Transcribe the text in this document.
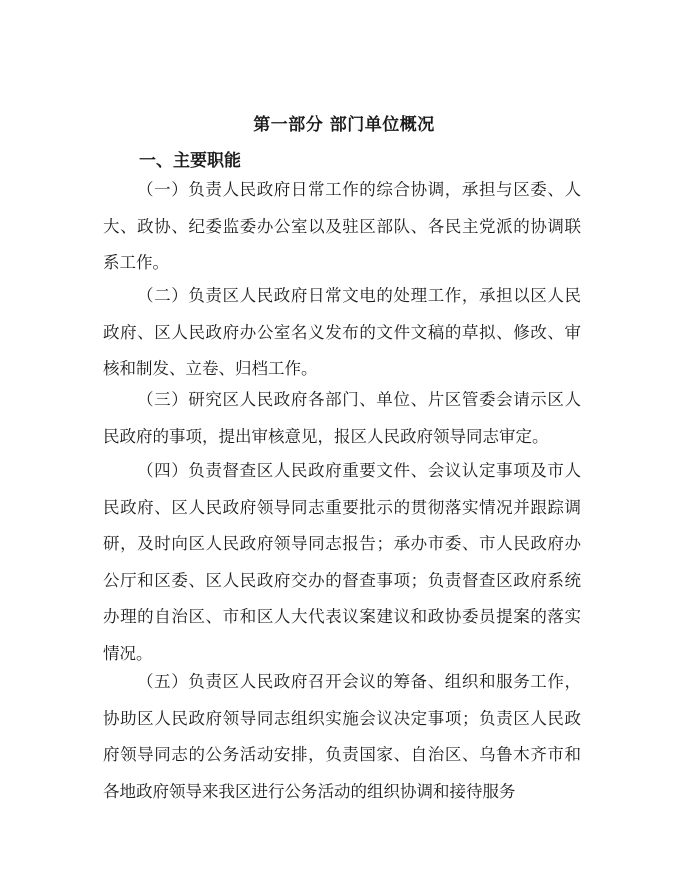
第一部分 部门单位概况
一、主要职能

（一）负责人民政府日常工作的综合协调，承担与区委、人大、政协、纪委监委办公室以及驻区部队、各民主党派的协调联系工作。

（二）负责区人民政府日常文电的处理工作，承担以区人民政府、区人民政府办公室名义发布的文件文稿的草拟、修改、审核和制发、立卷、归档工作。

（三）研究区人民政府各部门、单位、片区管委会请示区人民政府的事项，提出审核意见，报区人民政府领导同志审定。

（四）负责督查区人民政府重要文件、会议认定事项及市人民政府、区人民政府领导同志重要批示的贯彻落实情况并跟踪调研，及时向区人民政府领导同志报告；承办市委、市人民政府办公厅和区委、区人民政府交办的督查事项；负责督查区政府系统办理的自治区、市和区人大代表议案建议和政协委员提案的落实情况。

（五）负责区人民政府召开会议的筹备、组织和服务工作，协助区人民政府领导同志组织实施会议决定事项；负责区人民政府领导同志的公务活动安排，负责国家、自治区、乌鲁木齐市和各地政府领导来我区进行公务活动的组织协调和接待服务
